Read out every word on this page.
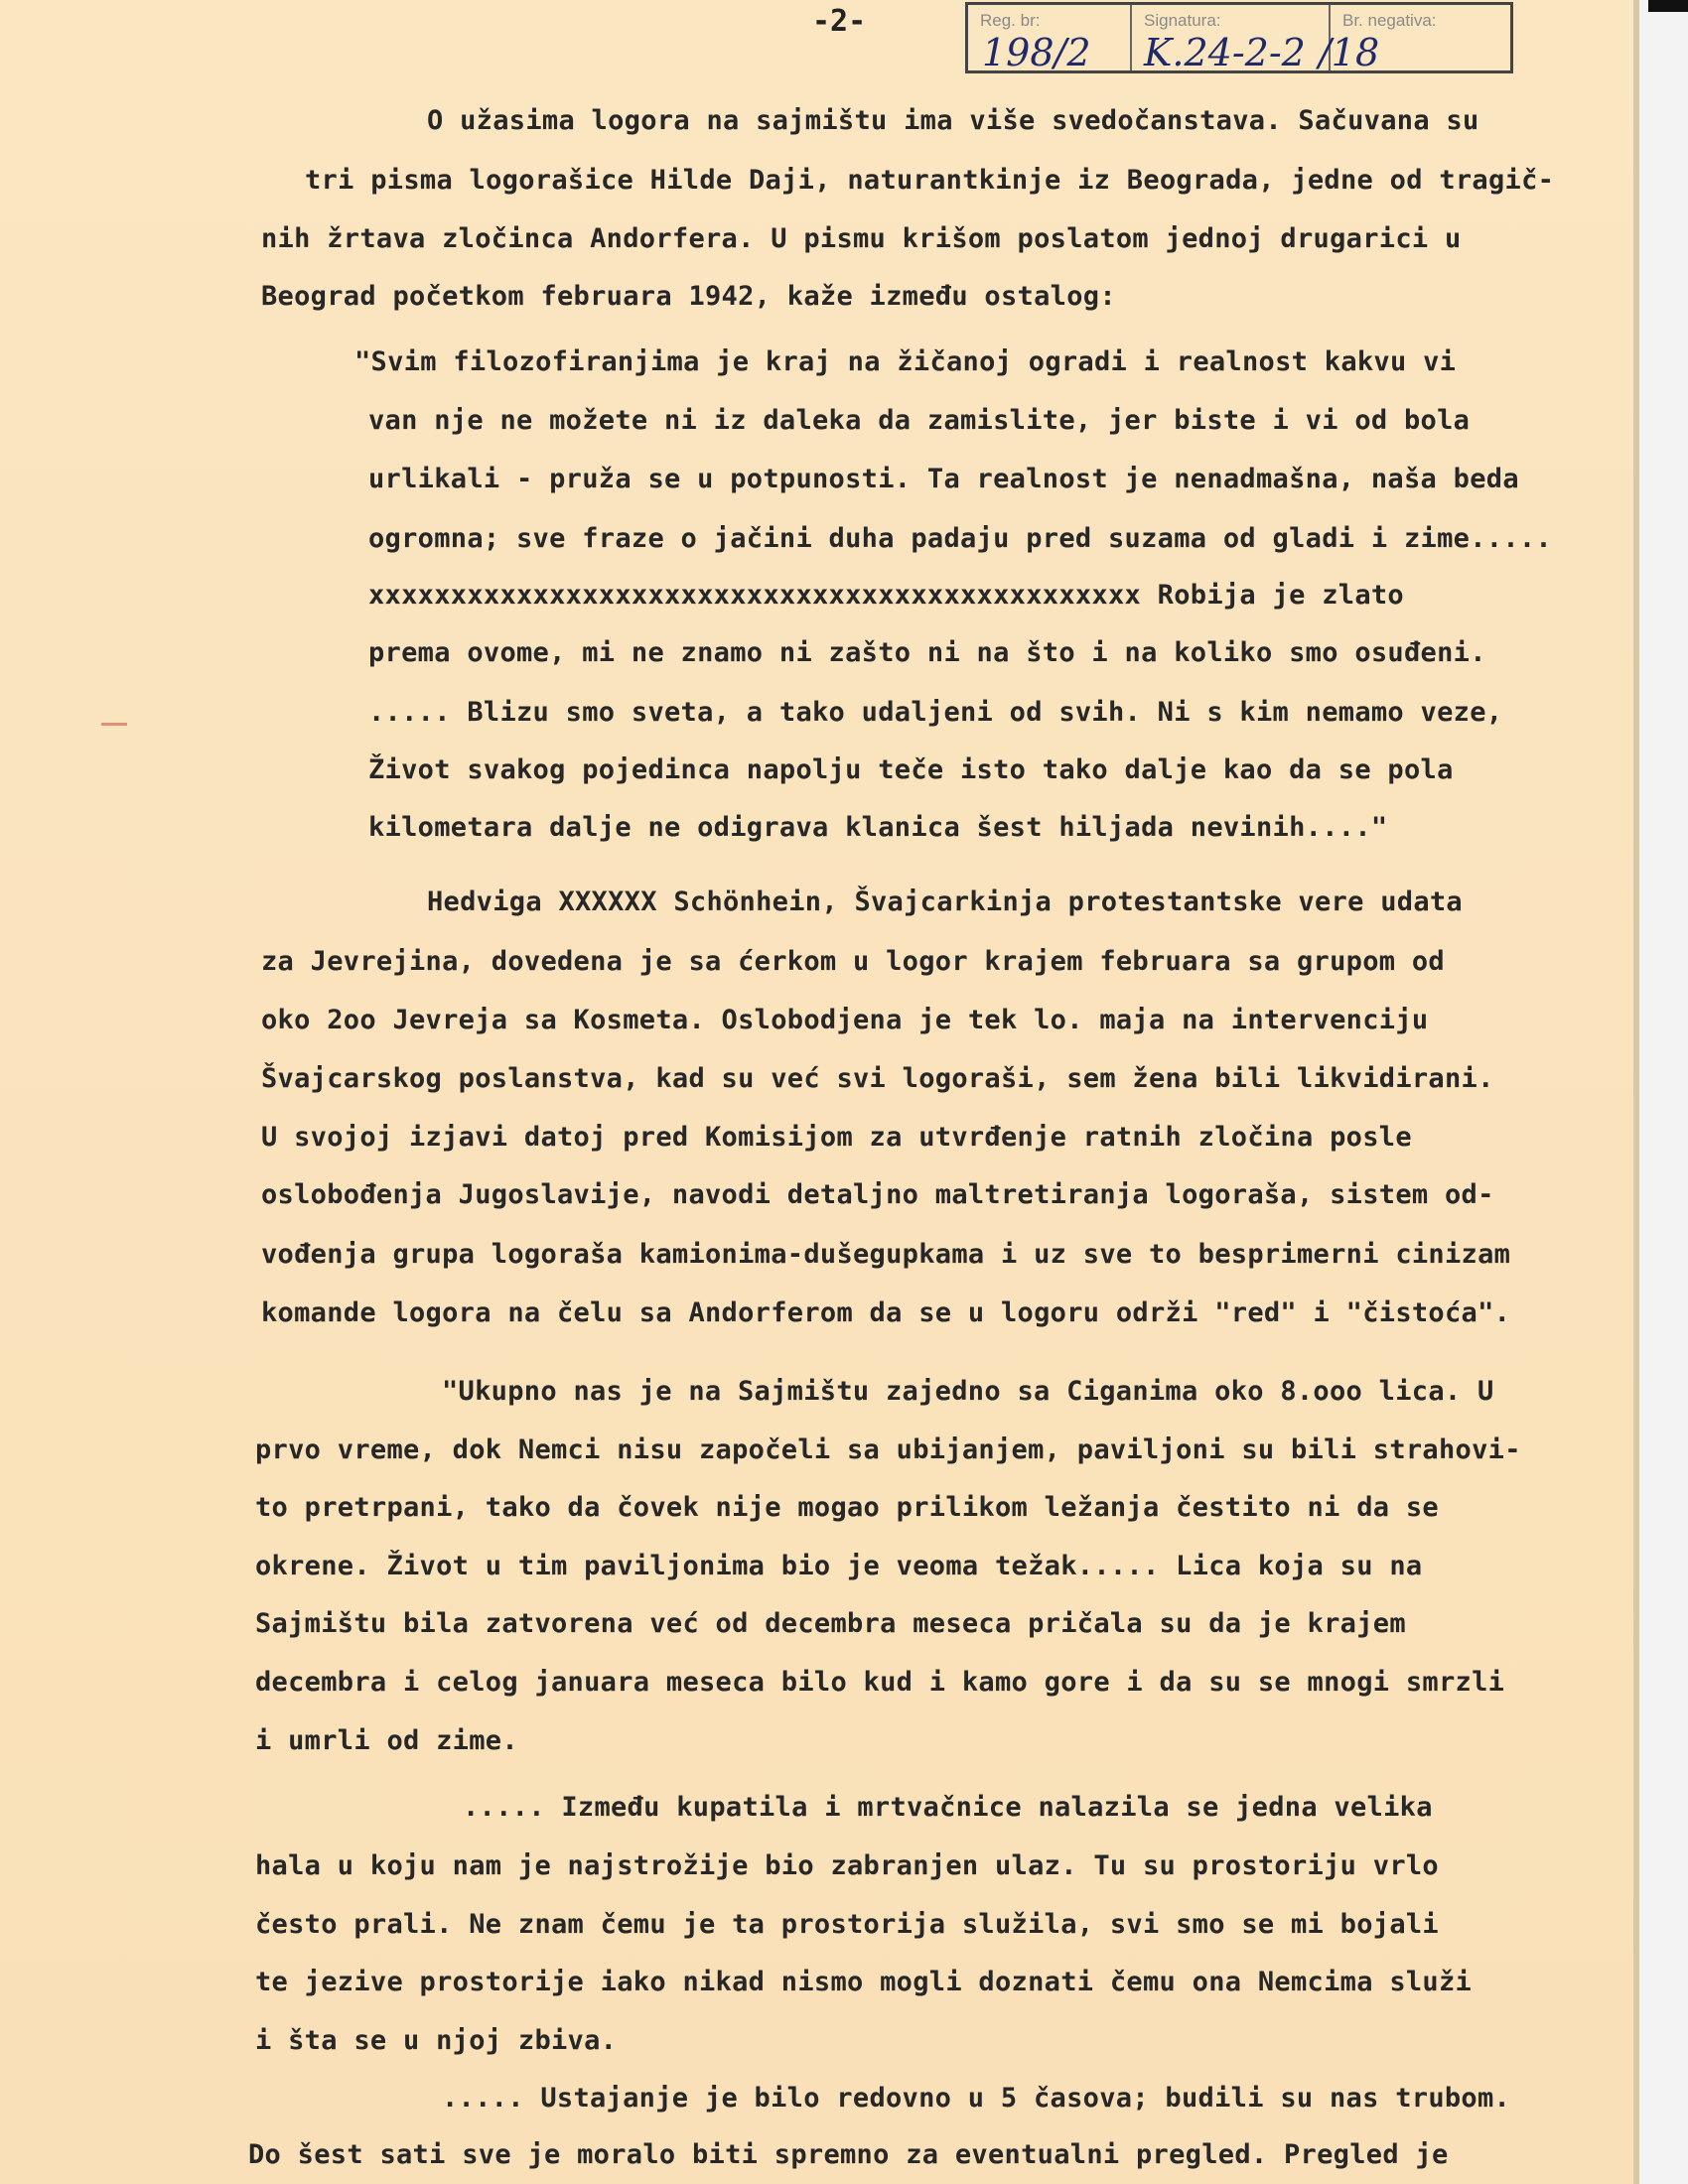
-2-	Reg. br:
198/2
Signatura:
K.24-2-2
Br. negativa:
/18
O užasima logora na sajmištu ima više svedočanstava. Sačuvana su
tri pisma logorašice Hilde Daji, naturantkinje iz Beograda, jedne od tragič-
nih žrtava zločinca Andorfera. U pismu krišom poslatom jednoj drugarici u
Beograd početkom februara 1942, kaže između ostalog:
"Svim filozofiranjima je kraj na žičanoj ogradi i realnost kakvu vi
van nje ne možete ni iz daleka da zamislite, jer biste i vi od bola
urlikali - pruža se u potpunosti. Ta realnost je nenadmašna, naša beda
ogromna; sve fraze o jačini duha padaju pred suzama od gladi i zime.....
xxxxxxxxxxxxxxxxxxxxxxxxxxxxxxxxxxxxxxxxxxxxxxx Robija je zlato
prema ovome, mi ne znamo ni zašto ni na što i na koliko smo osuđeni.
..... Blizu smo sveta, a tako udaljeni od svih. Ni s kim nemamo veze,
Život svakog pojedinca napolju teče isto tako dalje kao da se pola
kilometara dalje ne odigrava klanica šest hiljada nevinih...."
Hedviga XXXXXX Schönhein, Švajcarkinja protestantske vere udata
za Jevrejina, dovedena je sa ćerkom u logor krajem februara sa grupom od
oko 2oo Jevreja sa Kosmeta. Oslobodjena je tek lo. maja na intervenciju
Švajcarskog poslanstva, kad su već svi logoraši, sem žena bili likvidirani.
U svojoj izjavi datoj pred Komisijom za utvrđenje ratnih zločina posle
oslobođenja Jugoslavije, navodi detaljno maltretiranja logoraša, sistem od-
vođenja grupa logoraša kamionima-dušegupkama i uz sve to besprimerni cinizam
komande logora na čelu sa Andorferom da se u logoru održi "red" i "čistoća".
"Ukupno nas je na Sajmištu zajedno sa Ciganima oko 8.ooo lica. U
prvo vreme, dok Nemci nisu započeli sa ubijanjem, paviljoni su bili strahovi-
to pretrpani, tako da čovek nije mogao prilikom ležanja čestito ni da se
okrene. Život u tim paviljonima bio je veoma težak..... Lica koja su na
Sajmištu bila zatvorena već od decembra meseca pričala su da je krajem
decembra i celog januara meseca bilo kud i kamo gore i da su se mnogi smrzli
i umrli od zime.
..... Između kupatila i mrtvačnice nalazila se jedna velika
hala u koju nam je najstrožije bio zabranjen ulaz. Tu su prostoriju vrlo
često prali. Ne znam čemu je ta prostorija služila, svi smo se mi bojali
te jezive prostorije iako nikad nismo mogli doznati čemu ona Nemcima služi
i šta se u njoj zbiva.
..... Ustajanje je bilo redovno u 5 časova; budili su nas trubom.
Do šest sati sve je moralo biti spremno za eventualni pregled. Pregled je
